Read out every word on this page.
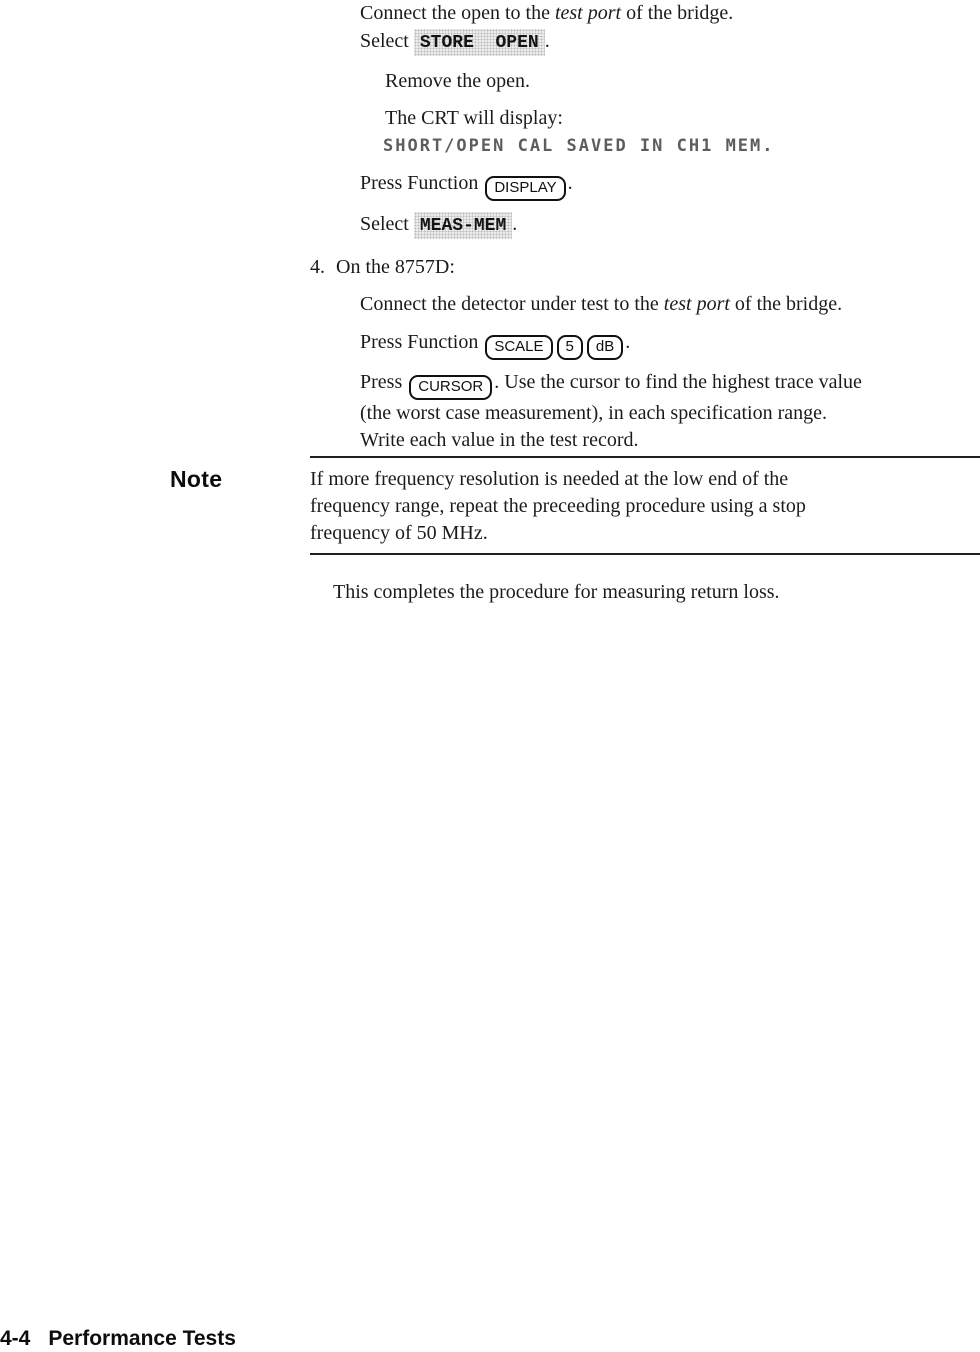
Connect the open to the test port of the bridge.
Select STORE  OPEN .
Remove the open.
The CRT will display:
SHORT/OPEN CAL SAVED IN CH1 MEM.
Press Function DISPLAY .
Select MEAS-MEM .
4. On the 8757D:
Connect the detector under test to the test port of the bridge.
Press Function SCALE 5 dB .
Press CURSOR . Use the cursor to find the highest trace value
(the worst case measurement), in each specification range.
Write each value in the test record.
Note	If more frequency resolution is needed at the low end of the
frequency range, repeat the preceeding procedure using a stop
frequency of 50 MHz.
This completes the procedure for measuring return loss.
4-4 Performance Tests
